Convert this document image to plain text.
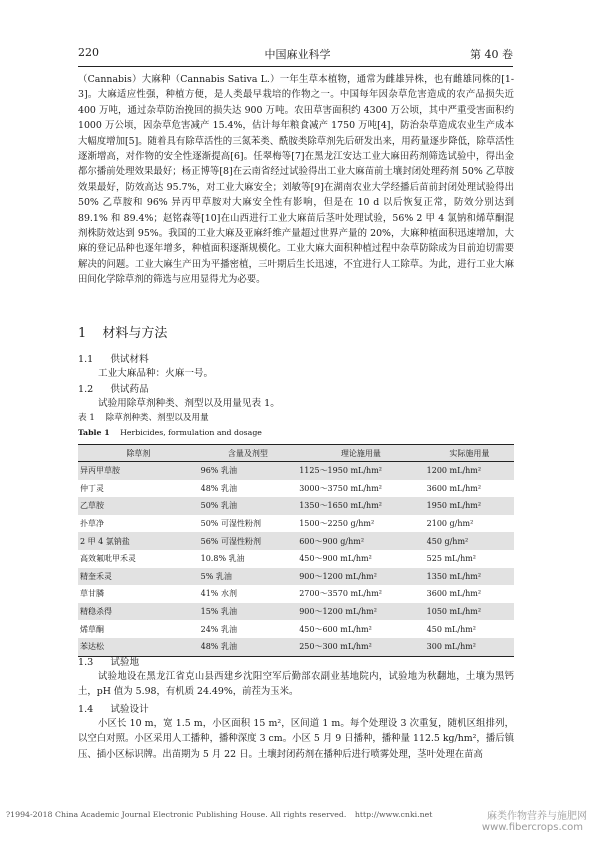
220	中国麻业科学	第 40 卷

（Cannabis）大麻种（Cannabis Sativa L.）一年生草本植物，通常为雌雄异株，也有雌雄同株的[1-3]。大麻适应性强，种植方便，是人类最早栽培的作物之一。中国每年因杂草危害造成的农产品损失近 400 万吨，通过杂草防治挽回的损失达 900 万吨。农田草害面积约 4300 万公顷，其中严重受害面积约 1000 万公顷，因杂草危害减产 15.4%，估计每年粮食减产 1750 万吨[4]，防治杂草造成农业生产成本大幅度增加[5]。随着具有除草活性的三氮苯类、酰胺类除草剂先后研发出来，用药量逐步降低，除草活性逐渐增高，对作物的安全性逐渐提高[6]。任翠梅等[7]在黑龙江安达工业大麻田药剂筛选试验中，得出金都尔播前处理效果最好；杨正博等[8]在云南省经过试验得出工业大麻苗前土壤封闭处理药剂 50% 乙草胺效果最好，防效高达 95.7%，对工业大麻安全；刘敏等[9]在湖南农业大学经播后苗前封闭处理试验得出 50% 乙草胺和 96% 异丙甲草胺对大麻安全性有影响，但是在 10 d 以后恢复正常，防效分别达到 89.1% 和 89.4%；赵铭森等[10]在山西进行工业大麻苗后茎叶处理试验，56% 2 甲 4 氯钠和烯草酮混剂株防效达到 95%。我国的工业大麻及亚麻纤维产量超过世界产量的 20%，大麻种植面积迅速增加，大麻的登记品种也逐年增多，种植面积逐渐规模化。工业大麻大面积种植过程中杂草防除成为目前迫切需要解决的问题。工业大麻生产田为平播密植，三叶期后生长迅速，不宜进行人工除草。为此，进行工业大麻田间化学除草剂的筛选与应用显得尤为必要。

1 材料与方法
1.1 供试材料
工业大麻品种：火麻一号。
1.2 供试药品
试验用除草剂种类、剂型以及用量见表 1。
表 1 除草剂种类、剂型以及用量
Table 1 Herbicides, formulation and dosage
除草剂	含量及剂型	理论施用量	实际施用量
异丙甲草胺	96% 乳油	1125～1950 mL/hm²	1200 mL/hm²
仲丁灵	48% 乳油	3000～3750 mL/hm²	3600 mL/hm²
乙草胺	50% 乳油	1350～1650 mL/hm²	1950 mL/hm²
扑草净	50% 可湿性粉剂	1500～2250 g/hm²	2100 g/hm²
2 甲 4 氯钠盐	56% 可湿性粉剂	600～900 g/hm²	450 g/hm²
高效氟吡甲禾灵	10.8% 乳油	450～900 mL/hm²	525 mL/hm²
精奎禾灵	5% 乳油	900～1200 mL/hm²	1350 mL/hm²
草甘膦	41% 水剂	2700～3570 mL/hm²	3600 mL/hm²
精稳杀得	15% 乳油	900～1200 mL/hm²	1050 mL/hm²
烯草酮	24% 乳油	450～600 mL/hm²	450 mL/hm²
苯达松	48% 乳油	250～300 mL/hm²	300 mL/hm²
1.3 试验地

试验地设在黑龙江省克山县西建乡沈阳空军后勤部农副业基地院内，试验地为秋翻地，土壤为黑钙土，pH 值为 5.98，有机质 24.49%，前茬为玉米。

1.4 试验设计

小区长 10 m，宽 1.5 m，小区面积 15 m²，区间道 1 m。每个处理设 3 次重复，随机区组排列，以空白对照。小区采用人工播种，播种深度 3 cm。小区 5 月 9 日播种，播种量 112.5 kg/hm²，播后镇压、插小区标识牌。出苗期为 5 月 22 日。土壤封闭药剂在播种后进行喷雾处理，茎叶处理在苗高

?1994-2018 China Academic Journal Electronic Publishing House. All rights reserved. http://www.cnki.net	麻类作物营养与施肥网
www.fibercrops.com
